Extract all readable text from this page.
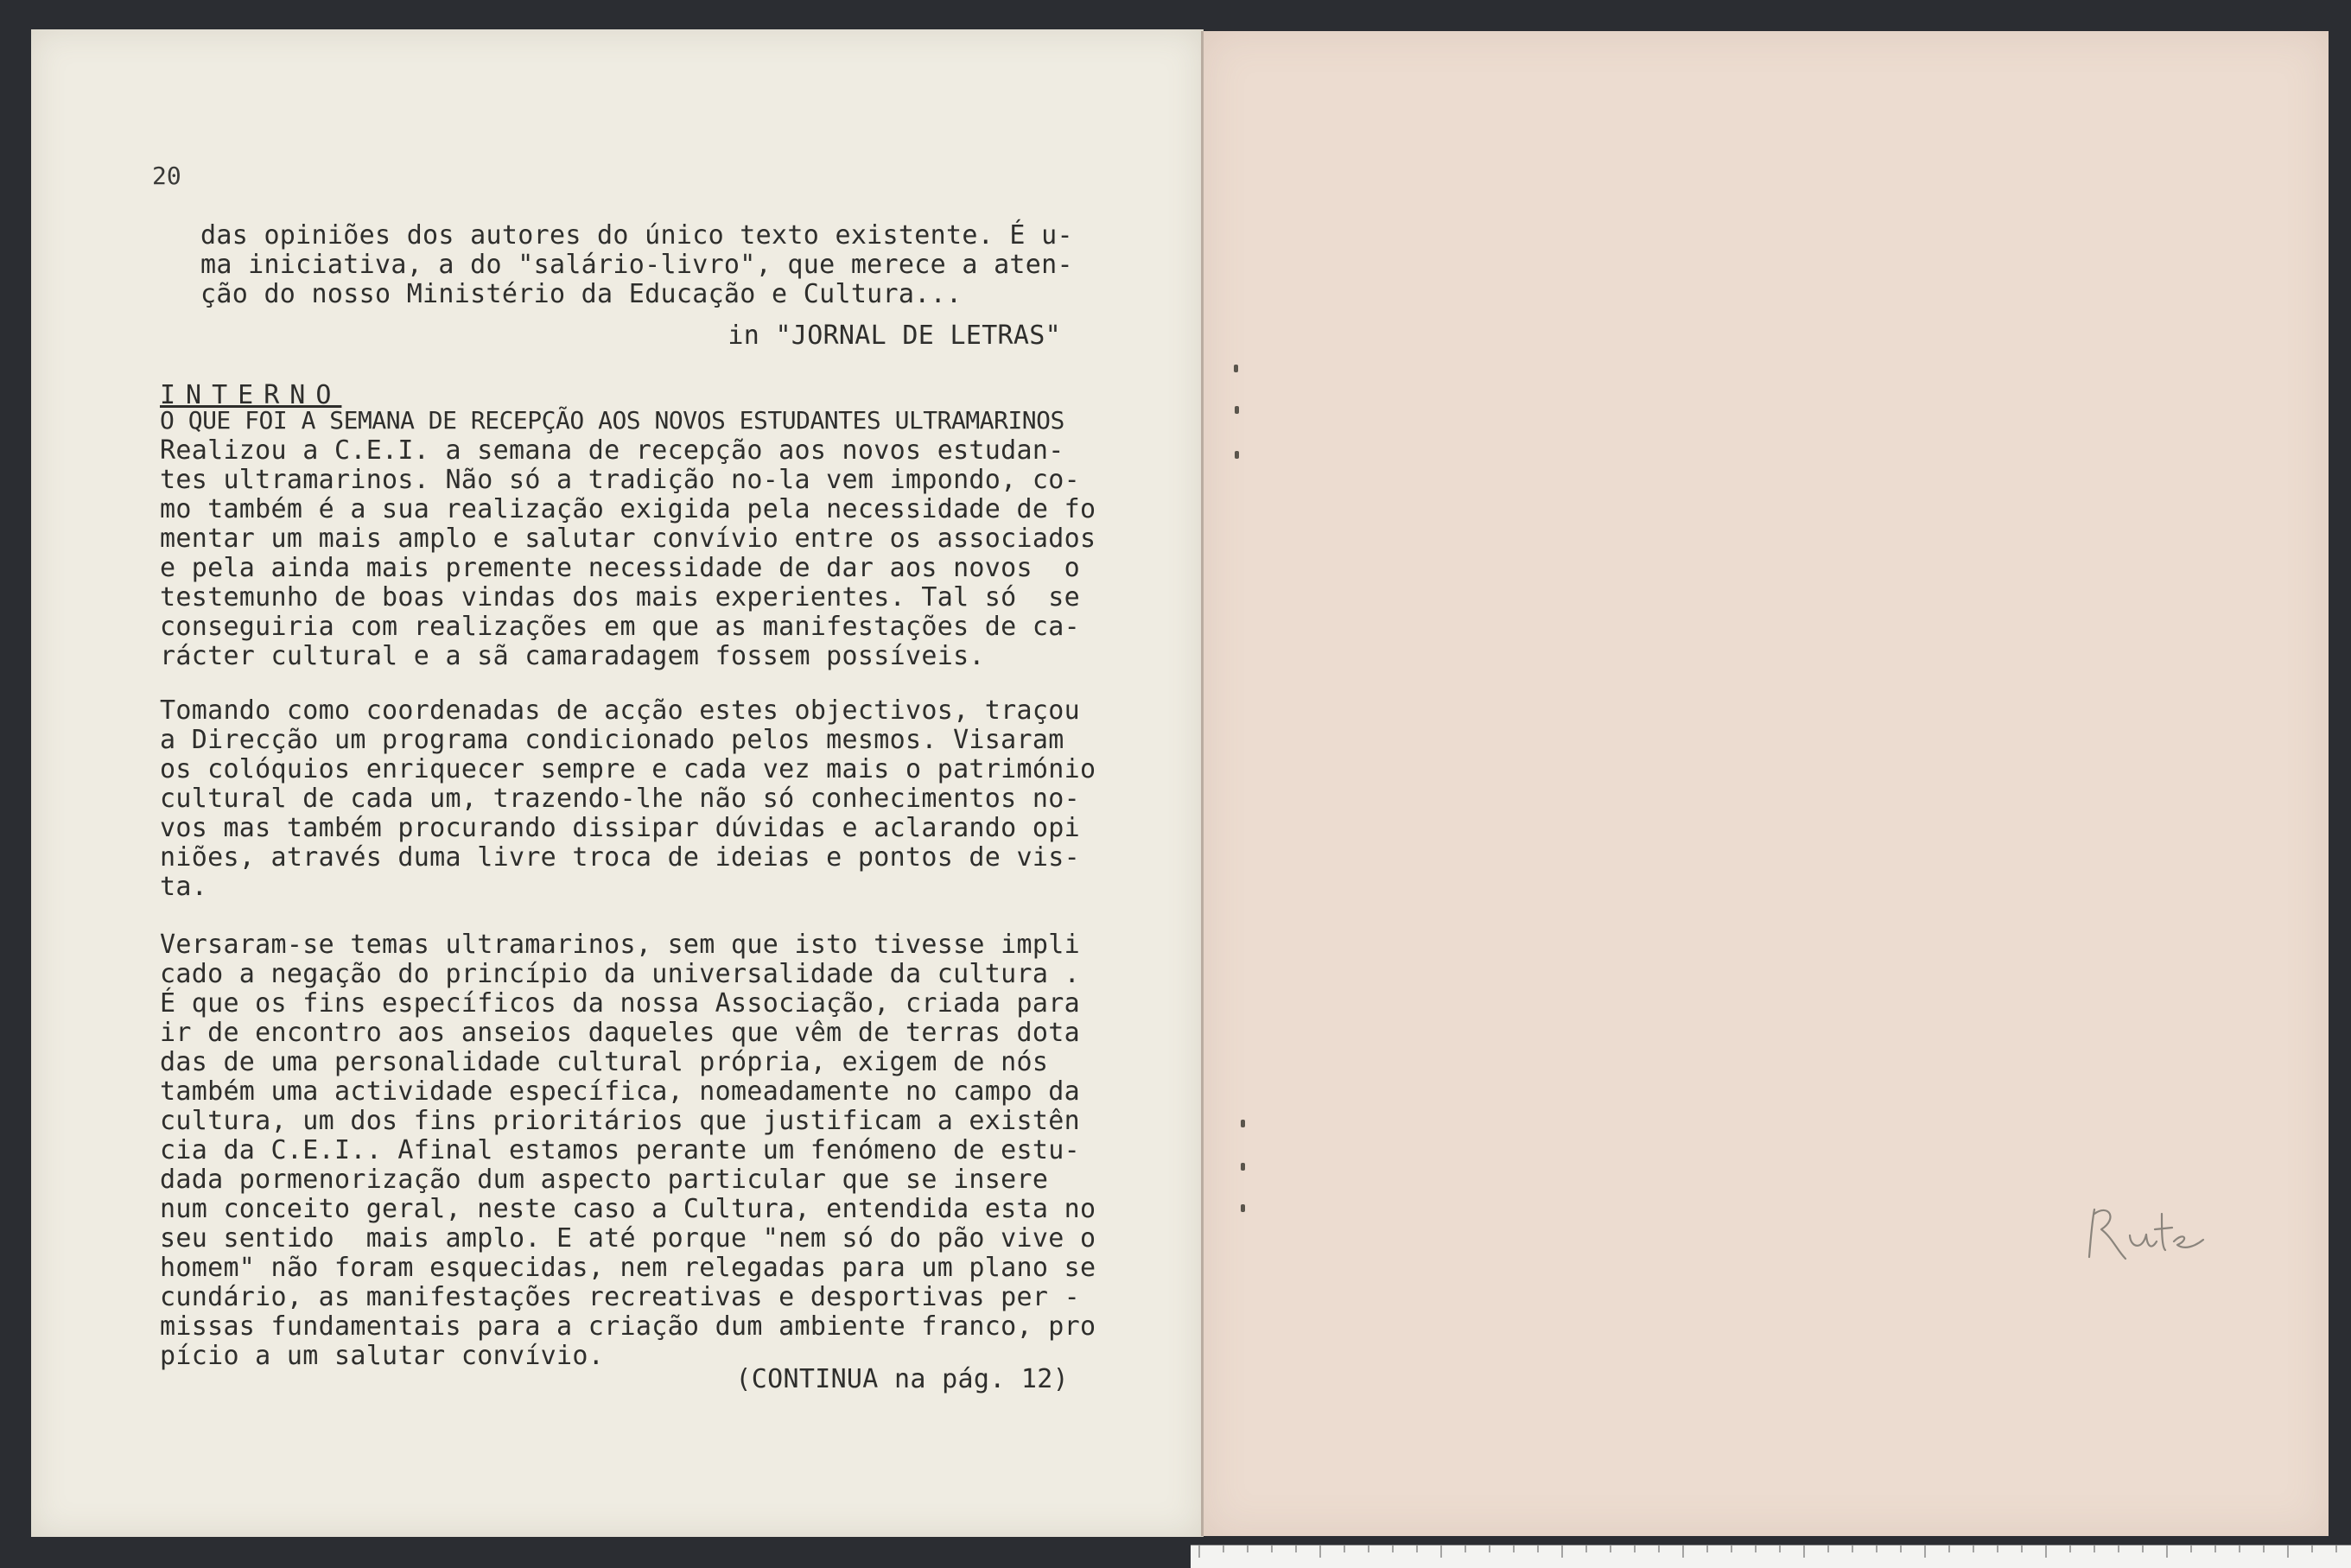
20
das opiniões dos autores do único texto existente. É u-
ma iniciativa, a do "salário-livro", que merece a aten-
ção do nosso Ministério da Educação e Cultura...
in "JORNAL DE LETRAS"
INTERNO
O QUE FOI A SEMANA DE RECEPÇÃO AOS NOVOS ESTUDANTES ULTRAMARINOS
Realizou a C.E.I. a semana de recepção aos novos estudan-
tes ultramarinos. Não só a tradição no-la vem impondo, co-
mo também é a sua realização exigida pela necessidade de fo
mentar um mais amplo e salutar convívio entre os associados
e pela ainda mais premente necessidade de dar aos novos  o
testemunho de boas vindas dos mais experientes. Tal só  se
conseguiria com realizações em que as manifestações de ca-
rácter cultural e a sã camaradagem fossem possíveis.
Tomando como coordenadas de acção estes objectivos, traçou
a Direcção um programa condicionado pelos mesmos. Visaram
os colóquios enriquecer sempre e cada vez mais o património
cultural de cada um, trazendo-lhe não só conhecimentos no-
vos mas também procurando dissipar dúvidas e aclarando opi
niões, através duma livre troca de ideias e pontos de vis-
ta.
Versaram-se temas ultramarinos, sem que isto tivesse impli
cado a negação do princípio da universalidade da cultura .
É que os fins específicos da nossa Associação, criada para
ir de encontro aos anseios daqueles que vêm de terras dota
das de uma personalidade cultural própria, exigem de nós
também uma actividade específica, nomeadamente no campo da
cultura, um dos fins prioritários que justificam a existên
cia da C.E.I.. Afinal estamos perante um fenómeno de estu-
dada pormenorização dum aspecto particular que se insere
num conceito geral, neste caso a Cultura, entendida esta no
seu sentido  mais amplo. E até porque "nem só do pão vive o
homem" não foram esquecidas, nem relegadas para um plano se
cundário, as manifestações recreativas e desportivas per -
missas fundamentais para a criação dum ambiente franco, pro
pício a um salutar convívio.
(CONTINUA na pág. 12)
